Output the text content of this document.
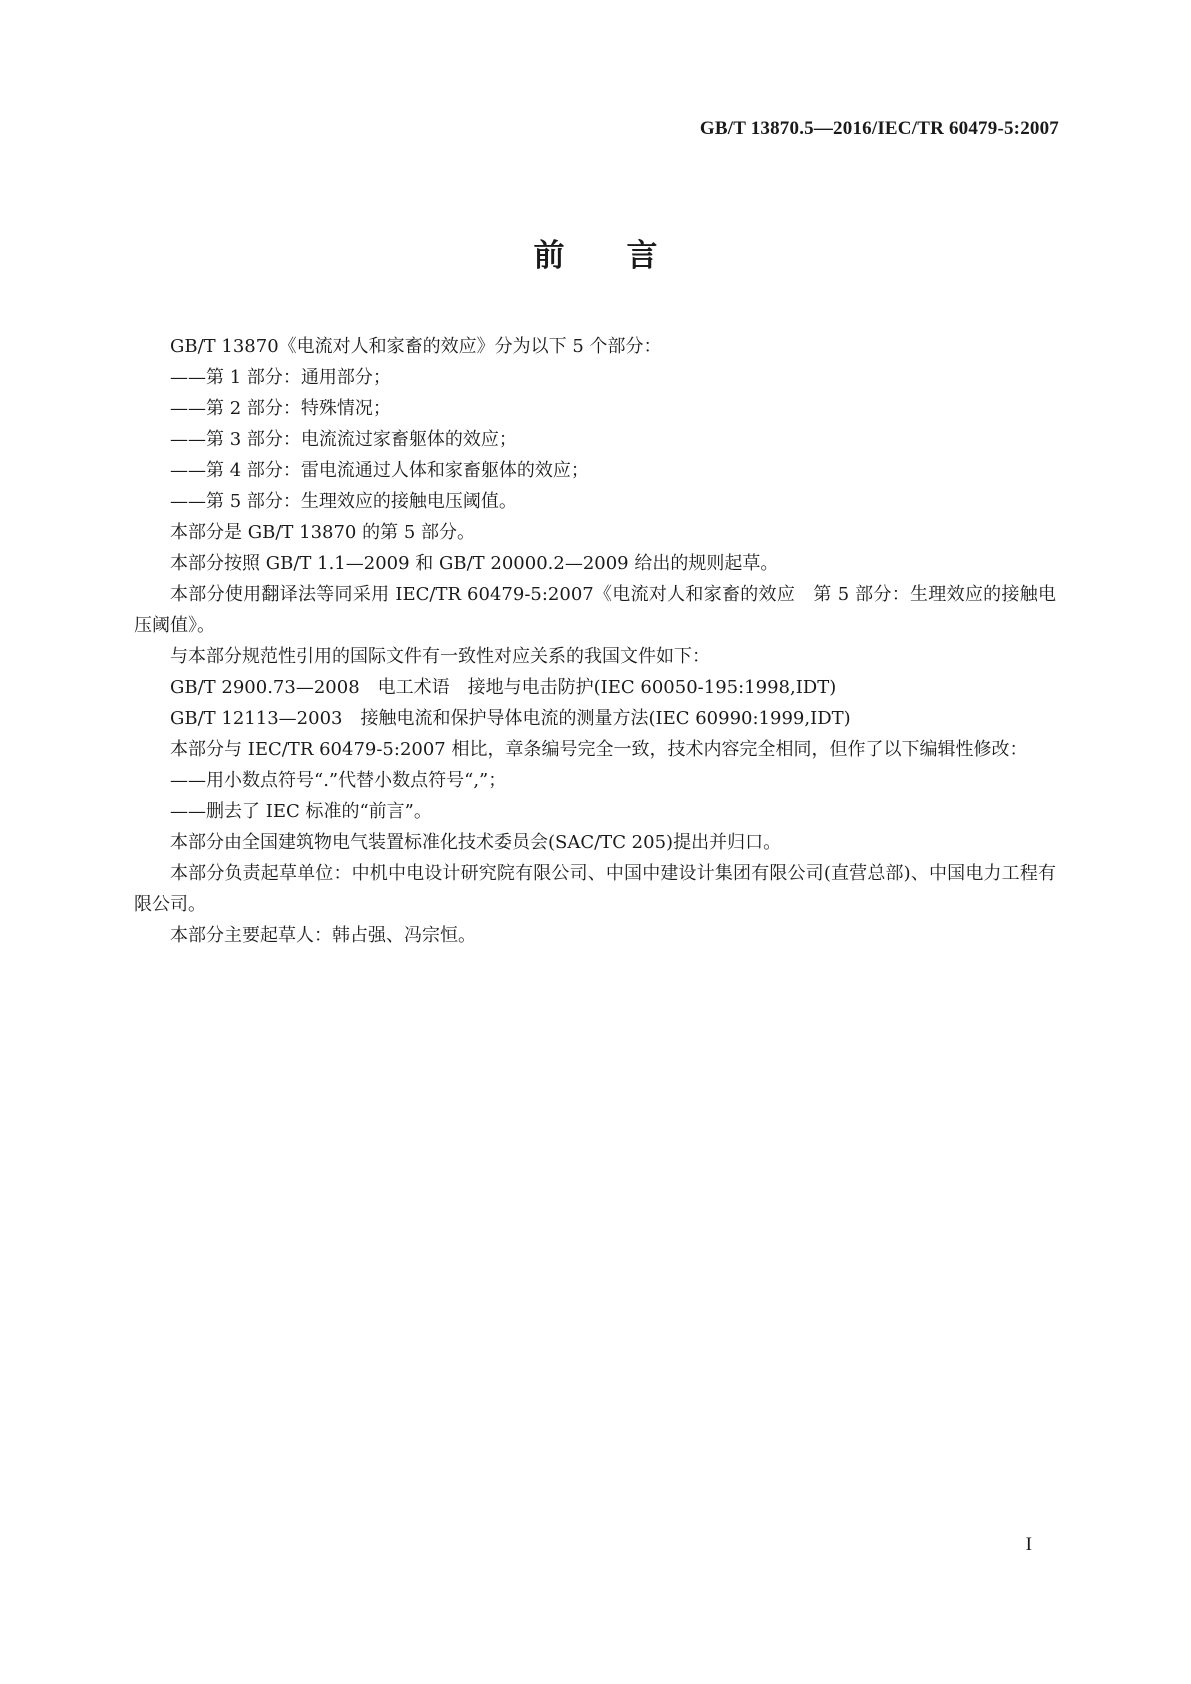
GB/T 13870.5—2016/IEC/TR 60479-5:2007
前言

GB/T 13870《电流对人和家畜的效应》分为以下 5 个部分：

——第 1 部分：通用部分；

——第 2 部分：特殊情况；

——第 3 部分：电流流过家畜躯体的效应；

——第 4 部分：雷电流通过人体和家畜躯体的效应；

——第 5 部分：生理效应的接触电压阈值。

本部分是 GB/T 13870 的第 5 部分。

本部分按照 GB/T 1.1—2009 和 GB/T 20000.2—2009 给出的规则起草。

本部分使用翻译法等同采用 IEC/TR 60479-5:2007《电流对人和家畜的效应　第 5 部分：生理效应的接触电压阈值》。

与本部分规范性引用的国际文件有一致性对应关系的我国文件如下：

GB/T 2900.73—2008　电工术语　接地与电击防护(IEC 60050-195:1998,IDT)

GB/T 12113—2003　接触电流和保护导体电流的测量方法(IEC 60990:1999,IDT)

本部分与 IEC/TR 60479-5:2007 相比，章条编号完全一致，技术内容完全相同，但作了以下编辑性修改：

——用小数点符号“.”代替小数点符号“,”；

——删去了 IEC 标准的“前言”。

本部分由全国建筑物电气装置标准化技术委员会(SAC/TC 205)提出并归口。

本部分负责起草单位：中机中电设计研究院有限公司、中国中建设计集团有限公司(直营总部)、中国电力工程有限公司。

本部分主要起草人：韩占强、冯宗恒。

I
